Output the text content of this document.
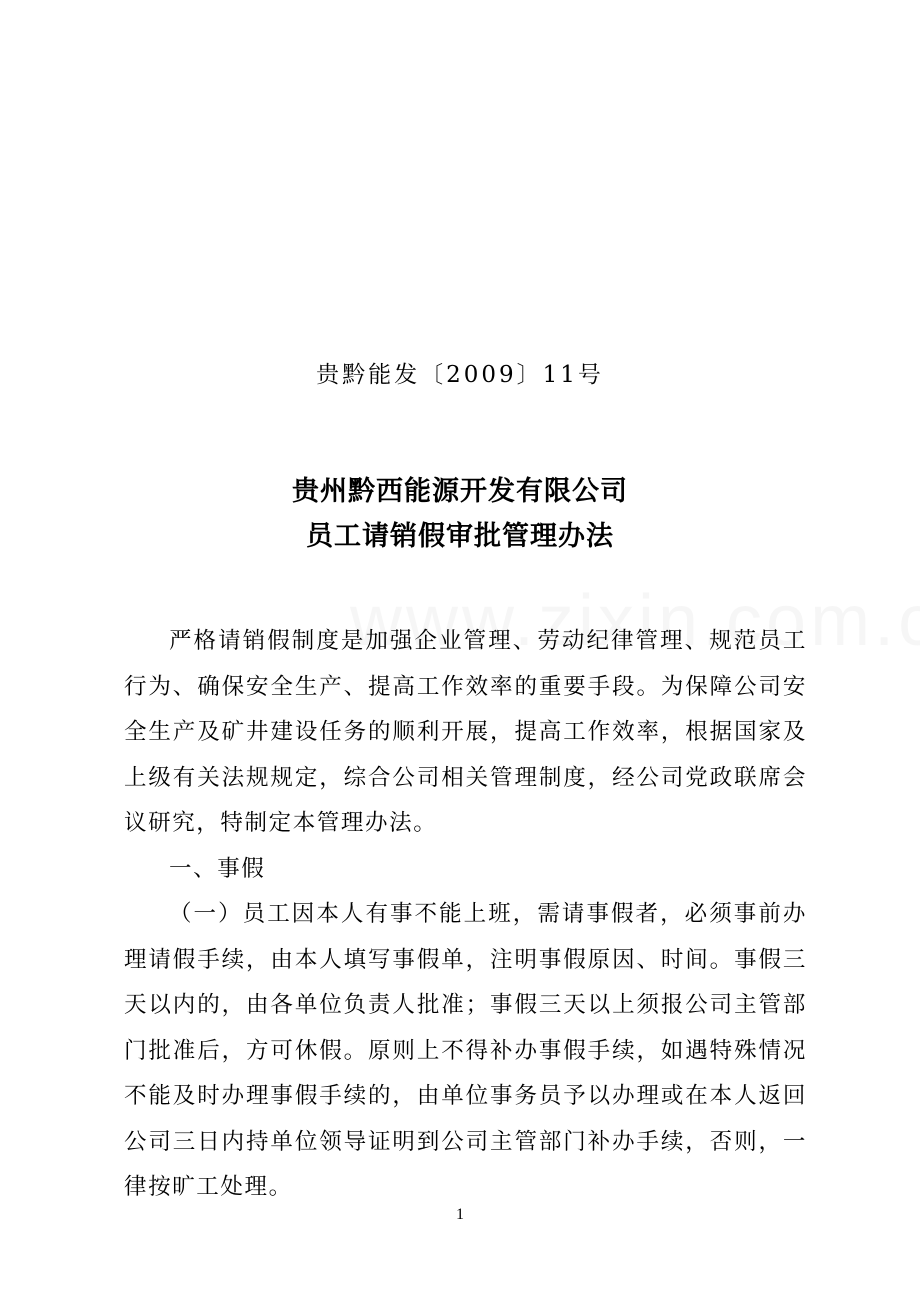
贵黔能发〔2009〕11号
贵州黔西能源开发有限公司
员工请销假审批管理办法

严格请销假制度是加强企业管理、劳动纪律管理、规范员工行为、确保安全生产、提高工作效率的重要手段。为保障公司安全生产及矿井建设任务的顺利开展，提高工作效率，根据国家及上级有关法规规定，综合公司相关管理制度，经公司党政联席会议研究，特制定本管理办法。

一、事假

（一）员工因本人有事不能上班，需请事假者，必须事前办理请假手续，由本人填写事假单，注明事假原因、时间。事假三天以内的，由各单位负责人批准；事假三天以上须报公司主管部门批准后，方可休假。原则上不得补办事假手续，如遇特殊情况不能及时办理事假手续的，由单位事务员予以办理或在本人返回公司三日内持单位领导证明到公司主管部门补办手续，否则，一律按旷工处理。

1
